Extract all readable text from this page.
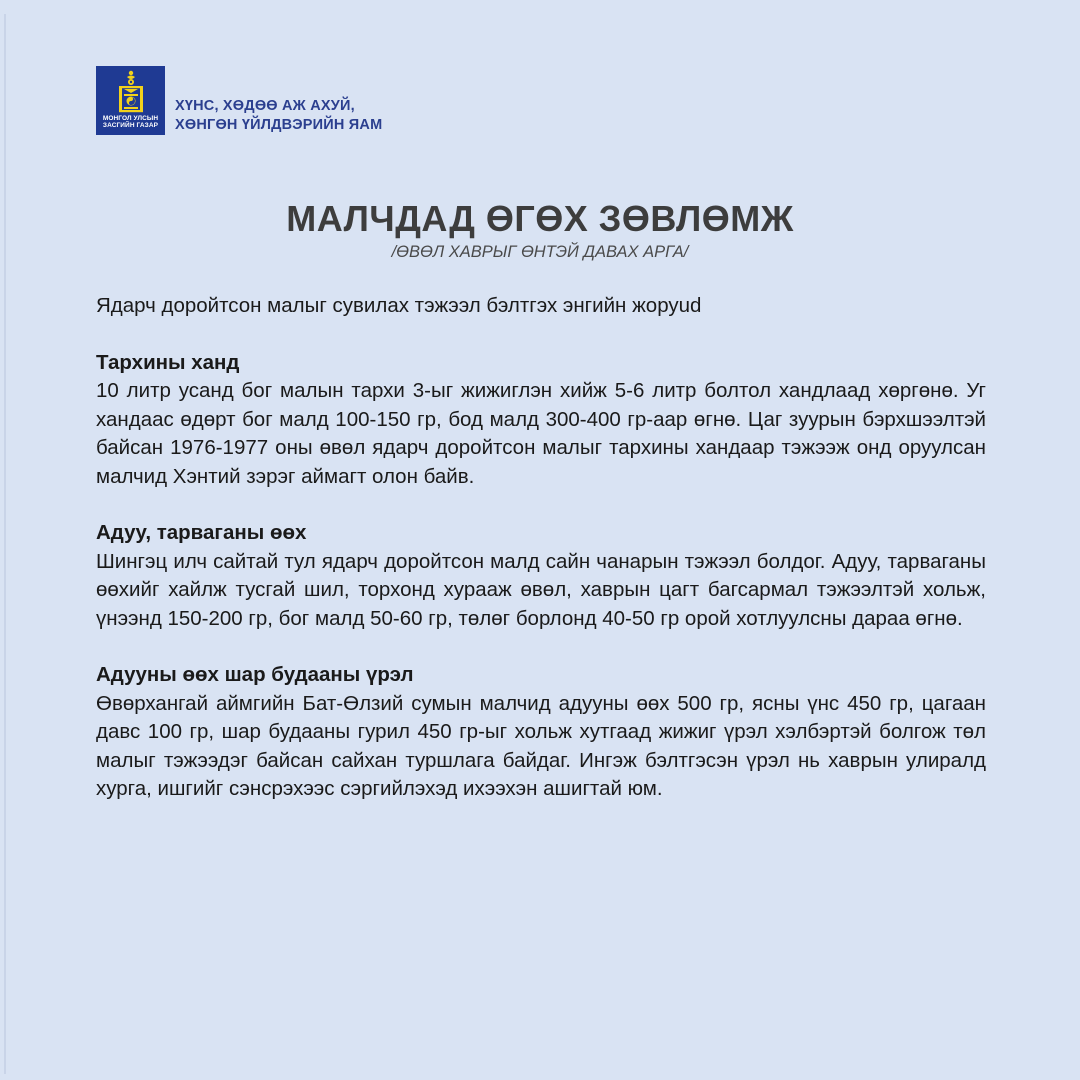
МОНГОЛ УЛСЫН
ЗАСГИЙН ГАЗАР
ХҮНС, ХӨДӨӨ АЖ АХУЙ,
ХӨНГӨН ҮЙЛДВЭРИЙН ЯАМ
МАЛЧДАД ӨГӨХ ЗӨВЛӨМЖ
/ӨВӨЛ ХАВРЫГ ӨНТЭЙ ДАВАХ АРГА/

Ядарч доройтсон малыг сувилах тэжээл бэлтгэх энгийн жоруud

Тархины ханд

10 литр усанд бог малын тархи 3-ыг жижиглэн хийж 5-6 литр болтол хандлаад хөргөнө. Уг хандаас өдөрт бог малд 100-150 гр, бод малд 300-400 гр-аар өгнө. Цаг зуурын бэрхшээлтэй байсан 1976-1977 оны өвөл ядарч доройтсон малыг тархины хандаар тэжээж онд оруулсан малчид Хэнтий зэрэг аймагт олон байв.

Адуу, тарваганы өөх

Шингэц илч сайтай тул ядарч доройтсон малд сайн чанарын тэжээл болдог. Адуу, тарваганы өөхийг хайлж тусгай шил, торхонд хурааж өвөл, хаврын цагт багсармал тэжээлтэй хольж, үнээнд 150-200 гр, бог малд 50-60 гр, төлөг борлонд 40-50 гр орой хотлуулсны дараа өгнө.

Адууны өөх шар будааны үрэл

Өвөрхангай аймгийн Бат-Өлзий сумын малчид адууны өөх 500 гр, ясны үнс 450 гр, цагаан давс 100 гр, шар будааны гурил 450 гр-ыг хольж хутгаад жижиг үрэл хэлбэртэй болгож төл малыг тэжээдэг байсан сайхан туршлага байдаг. Ингэж бэлтгэсэн үрэл нь хаврын улиралд хурга, ишгийг сэнсрэхээс сэргийлэхэд ихээхэн ашигтай юм.
